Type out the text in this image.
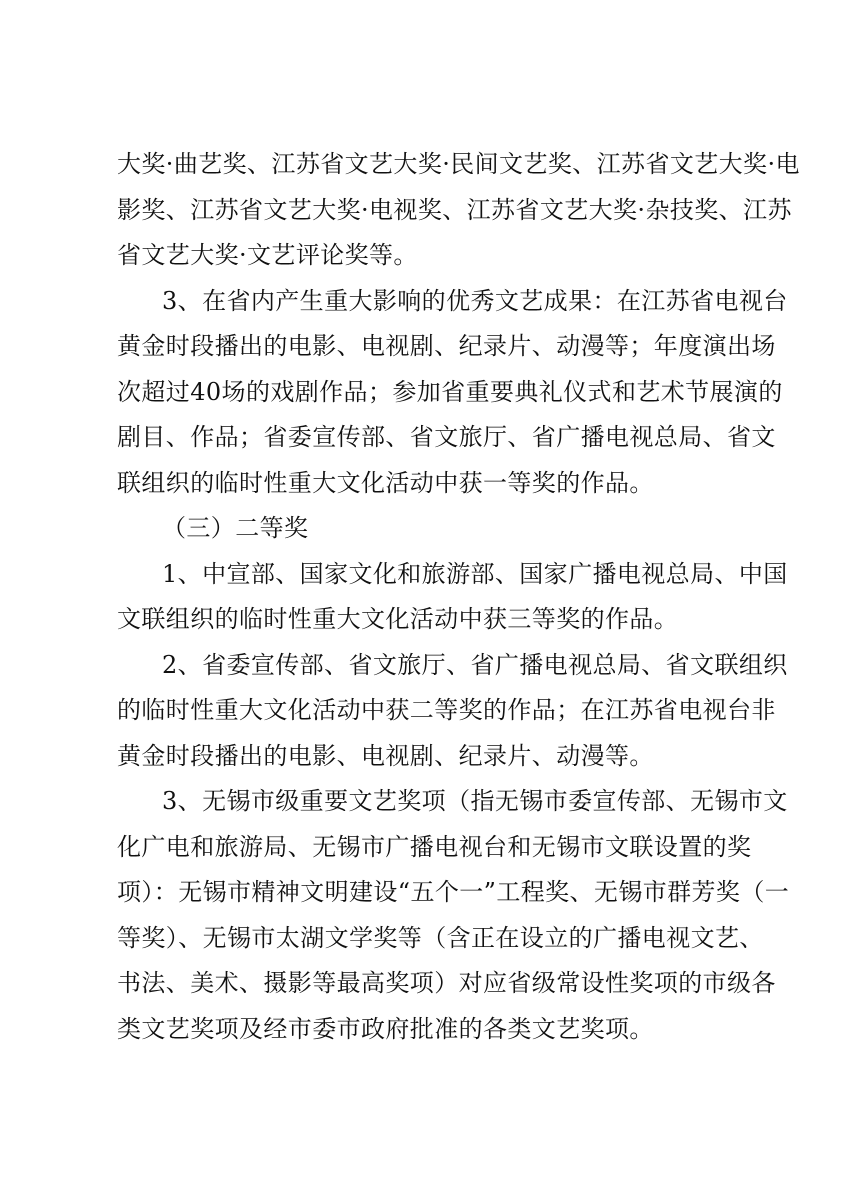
大奖·曲艺奖、江苏省文艺大奖·民间文艺奖、江苏省文艺大奖·电
影奖、江苏省文艺大奖·电视奖、江苏省文艺大奖·杂技奖、江苏
省文艺大奖·文艺评论奖等。
3、在省内产生重大影响的优秀文艺成果：在江苏省电视台
黄金时段播出的电影、电视剧、纪录片、动漫等；年度演出场
次超过40场的戏剧作品；参加省重要典礼仪式和艺术节展演的
剧目、作品；省委宣传部、省文旅厅、省广播电视总局、省文
联组织的临时性重大文化活动中获一等奖的作品。
（三）二等奖
1、中宣部、国家文化和旅游部、国家广播电视总局、中国
文联组织的临时性重大文化活动中获三等奖的作品。
2、省委宣传部、省文旅厅、省广播电视总局、省文联组织
的临时性重大文化活动中获二等奖的作品；在江苏省电视台非
黄金时段播出的电影、电视剧、纪录片、动漫等。
3、无锡市级重要文艺奖项（指无锡市委宣传部、无锡市文
化广电和旅游局、无锡市广播电视台和无锡市文联设置的奖
项）：无锡市精神文明建设“五个一”工程奖、无锡市群芳奖（一
等奖）、无锡市太湖文学奖等（含正在设立的广播电视文艺、
书法、美术、摄影等最高奖项）对应省级常设性奖项的市级各
类文艺奖项及经市委市政府批准的各类文艺奖项。
